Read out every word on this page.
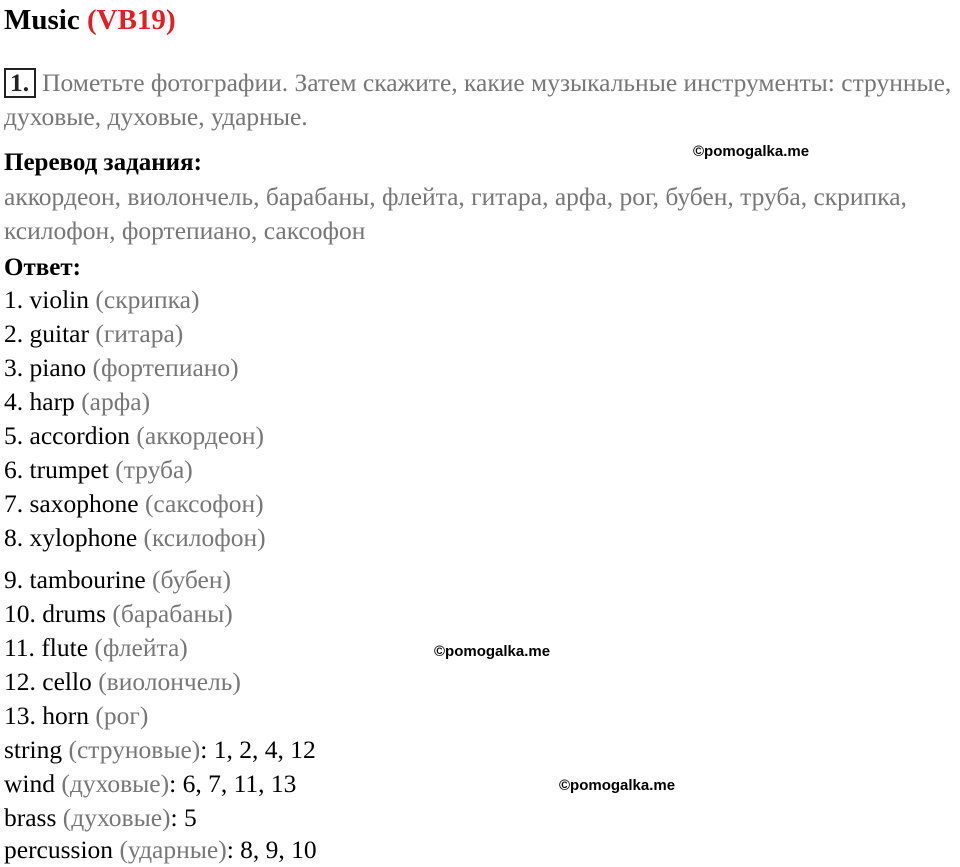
Music (VB19)
1. Пометьте фотографии. Затем скажите, какие музыкальные инструменты: струнные, духовые, духовые, ударные.
Перевод задания:	©pomogalka.me
аккордеон, виолончель, барабаны, флейта, гитара, арфа, рог, бубен, труба, скрипка, ксилофон, фортепиано, саксофон
Ответ:
1. violin (скрипка)
2. guitar (гитара)
3. piano (фортепиано)
4. harp (арфа)
5. accordion (аккордеон)
6. trumpet (труба)
7. saxophone (саксофон)
8. xylophone (ксилофон)
9. tambourine (бубен)
10. drums (барабаны)
11. flute (флейта)	©pomogalka.me
12. cello (виолончель)
13. horn (рог)
string (струновые): 1, 2, 4, 12
wind (духовые): 6, 7, 11, 13	©pomogalka.me
brass (духовые): 5
percussion (ударные): 8, 9, 10
